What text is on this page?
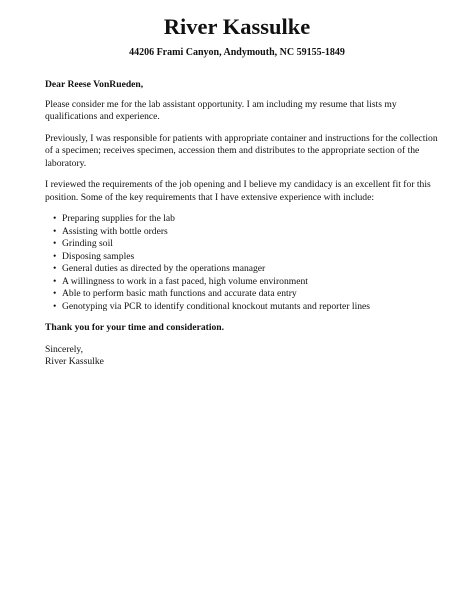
River Kassulke
44206 Frami Canyon, Andymouth, NC 59155-1849
Dear Reese VonRueden,

Please consider me for the lab assistant opportunity. I am including my resume that lists my qualifications and experience.

Previously, I was responsible for patients with appropriate container and instructions for the collection of a specimen; receives specimen, accession them and distributes to the appropriate section of the laboratory.

I reviewed the requirements of the job opening and I believe my candidacy is an excellent fit for this position. Some of the key requirements that I have extensive experience with include:

• Preparing supplies for the lab
• Assisting with bottle orders
• Grinding soil
• Disposing samples
• General duties as directed by the operations manager
• A willingness to work in a fast paced, high volume environment
• Able to perform basic math functions and accurate data entry
• Genotyping via PCR to identify conditional knockout mutants and reporter lines
Thank you for your time and consideration.
Sincerely,
River Kassulke
